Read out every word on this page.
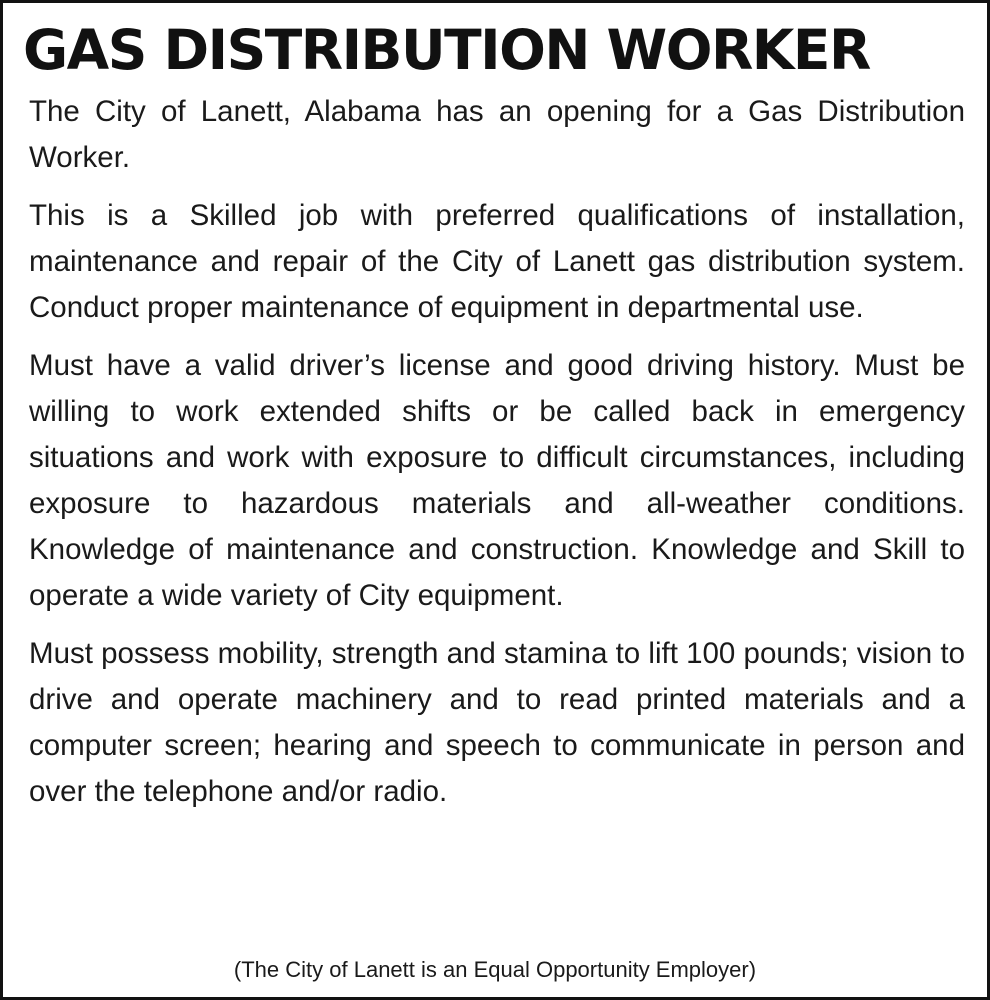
GAS DISTRIBUTION WORKER

The City of Lanett, Alabama has an opening for a Gas Distribution Worker.

This is a Skilled job with preferred qualifications of installation, maintenance and repair of the City of Lanett gas distribution system. Conduct proper maintenance of equipment in departmental use.

Must have a valid driver’s license and good driving history. Must be willing to work extended shifts or be called back in emergency situations and work with exposure to difficult circumstances, including exposure to hazardous materials and all-weather conditions. Knowledge of maintenance and construction. Knowledge and Skill to operate a wide variety of City equipment.

Must possess mobility, strength and stamina to lift 100 pounds; vision to drive and operate machinery and to read printed materials and a computer screen; hearing and speech to communicate in person and over the telephone and/or radio.

(The City of Lanett is an Equal Opportunity Employer)
